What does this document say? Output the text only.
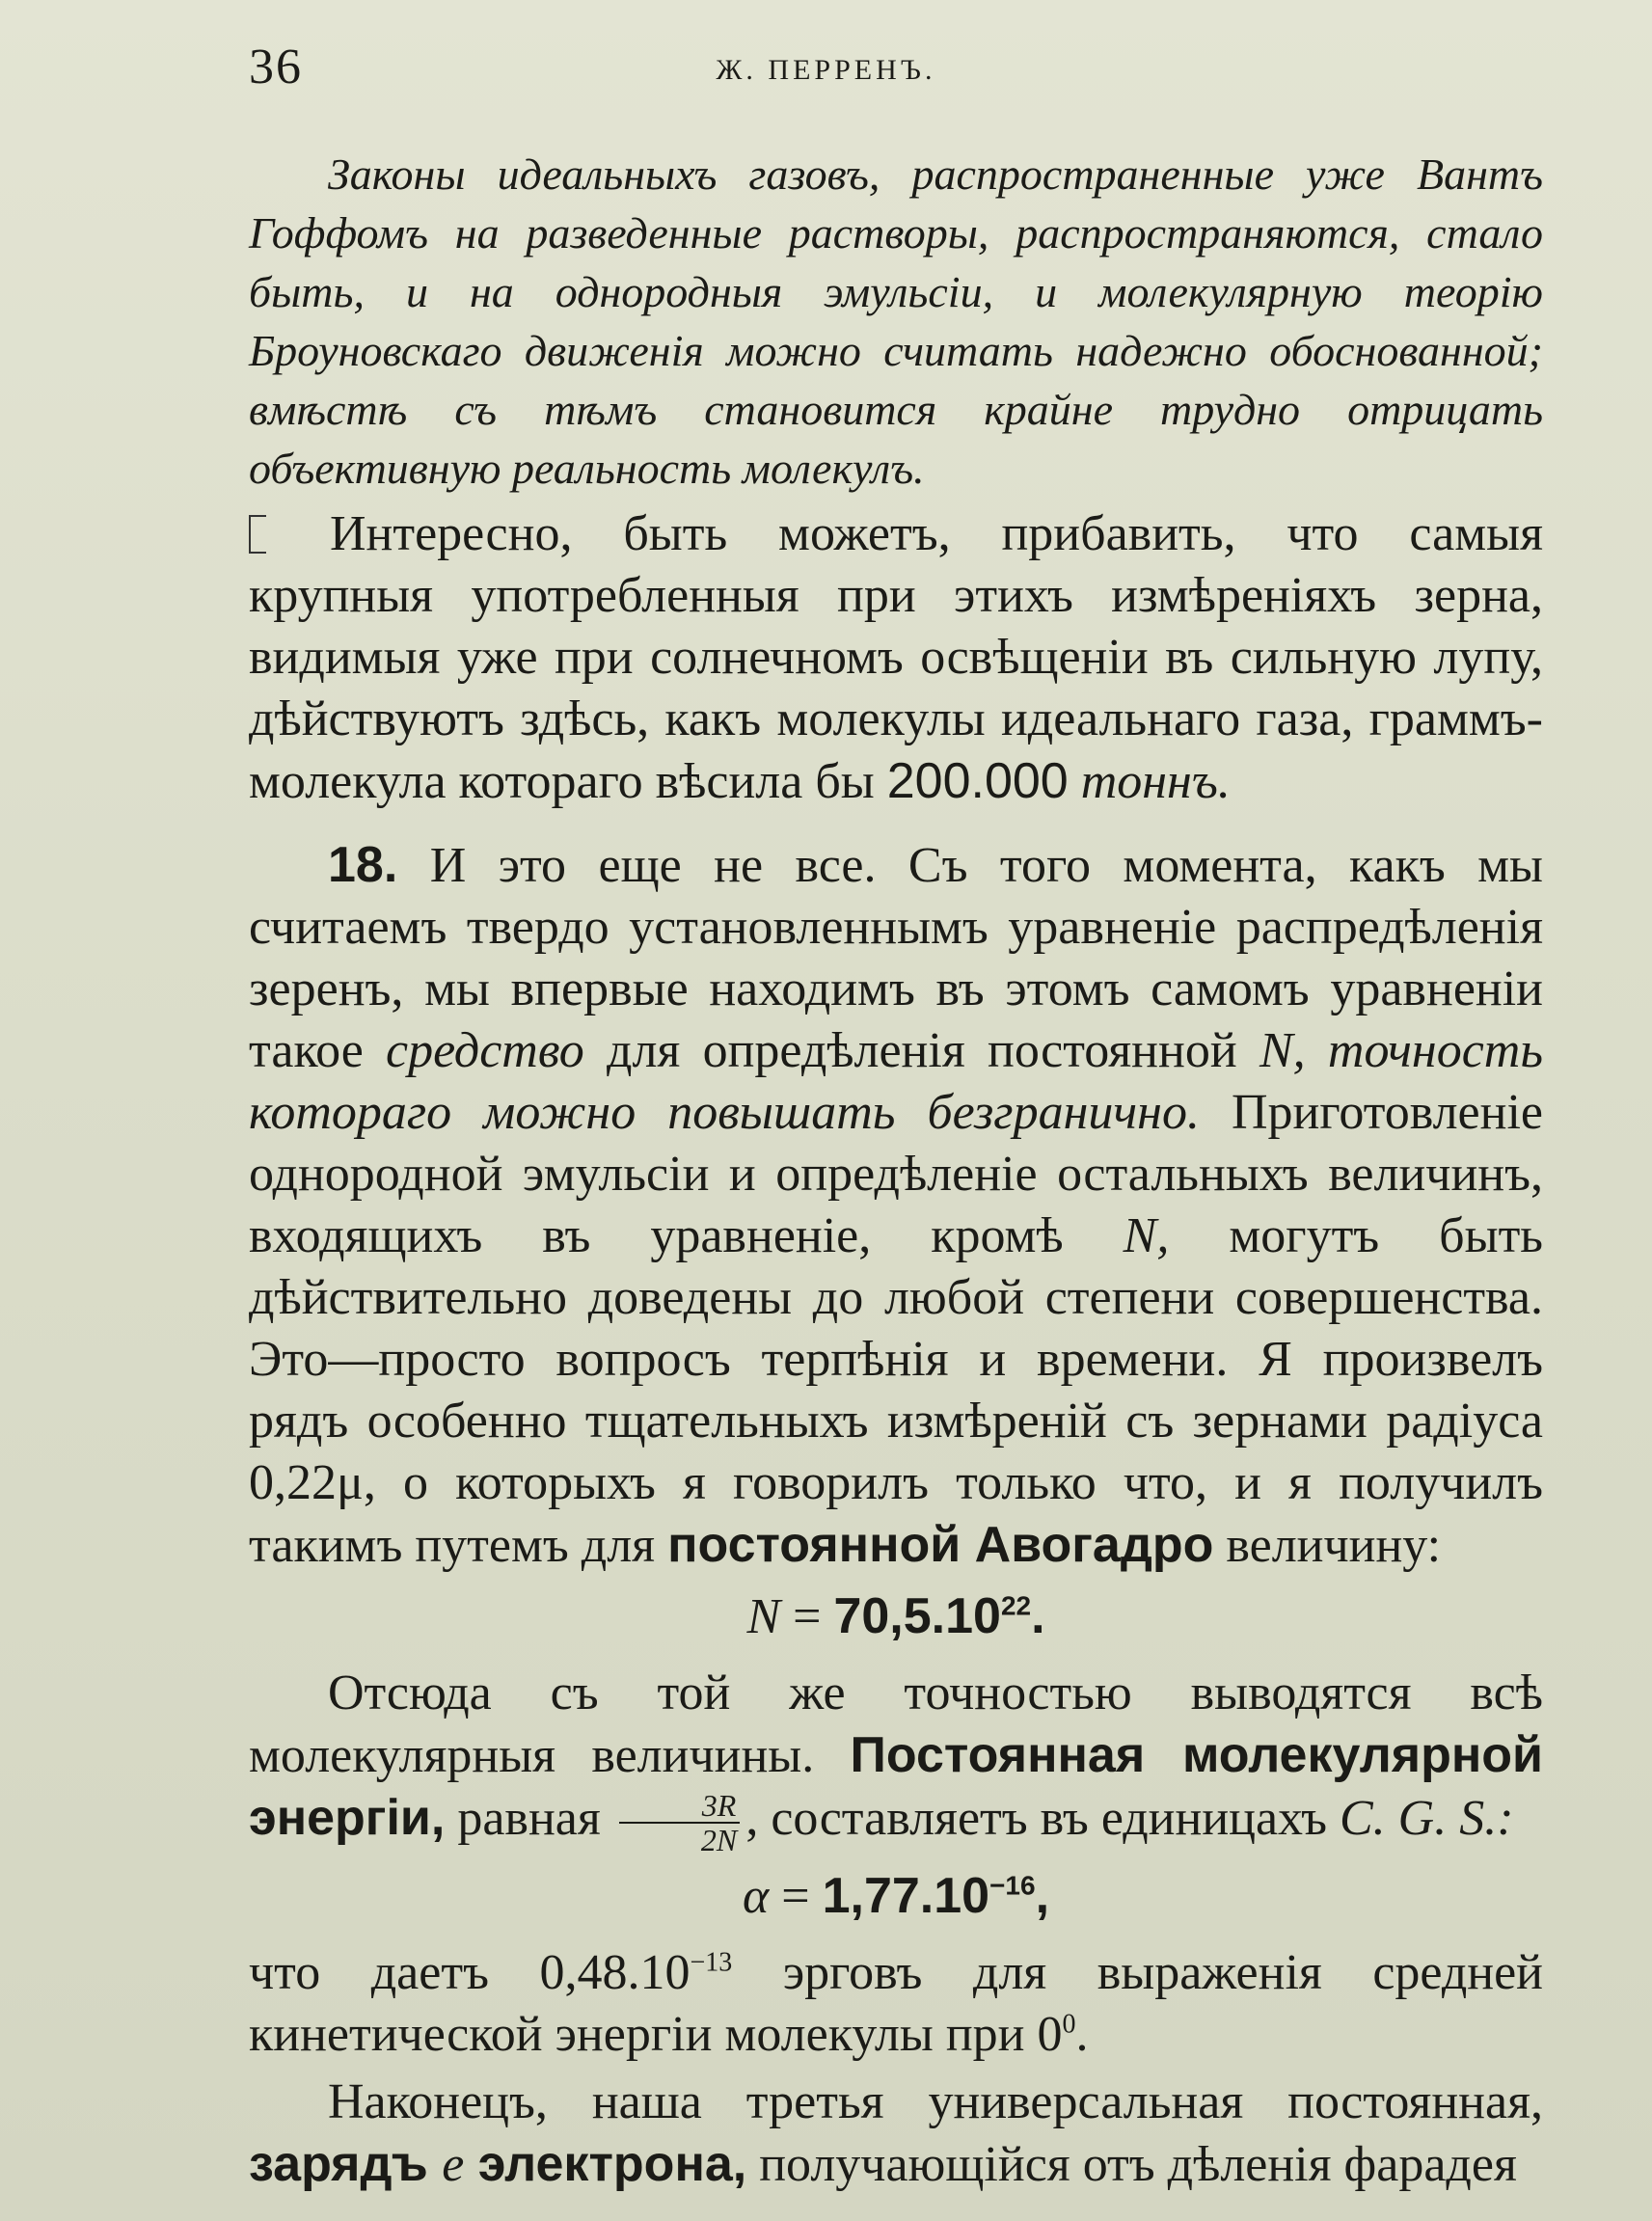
36	Ж. ПЕРРЕНЪ.

Законы идеальныхъ газовъ, распространенные уже Вантъ Гоффомъ на разведенные растворы, распространяются, стало быть, и на однородныя эмульсіи, и молекулярную теорію Броуновскаго движенія можно считать надежно обоснованной; вмѣстѣ съ тѣмъ становится крайне трудно отрицать объективную реальность молекулъ.

Интересно, быть можетъ, прибавить, что самыя крупныя употребленныя при этихъ измѣреніяхъ зерна, видимыя уже при солнечномъ освѣщеніи въ сильную лупу, дѣйствуютъ здѣсь, какъ молекулы идеальнаго газа, граммъ-молекула котораго вѣсила бы 200.000 тоннъ.

18. И это еще не все. Съ того момента, какъ мы считаемъ твердо установленнымъ уравненіе распредѣленія зеренъ, мы впервые находимъ въ этомъ самомъ уравненіи такое средство для опредѣленія постоянной N, точность котораго можно повышать безгранично. Приготовленіе однородной эмульсіи и опредѣленіе остальныхъ величинъ, входящихъ въ уравненіе, кромѣ N, могутъ быть дѣйствительно доведены до любой степени совершенства. Это—просто вопросъ терпѣнія и времени. Я произвелъ рядъ особенно тщательныхъ измѣреній съ зернами радіуса 0,22μ, о которыхъ я говорилъ только что, и я получилъ такимъ путемъ для постоянной Авогадро величину:

$N = 70,5.10^{22}$.

Отсюда съ той же точностью выводятся всѣ молекулярныя величины. Постоянная молекулярной энергіи, равная $\frac{3R}{2N}$ , составляетъ въ единицахъ C. G. S.:

$\alpha = 1,77.10^{-16}$,

что даетъ $0,48.10^{-13}$ эрговъ для выраженія средней кинетической энергіи молекулы при $0^0$.

Наконецъ, наша третья универсальная постоянная, зарядъ e электрона, получающійся отъ дѣленія фарадея
